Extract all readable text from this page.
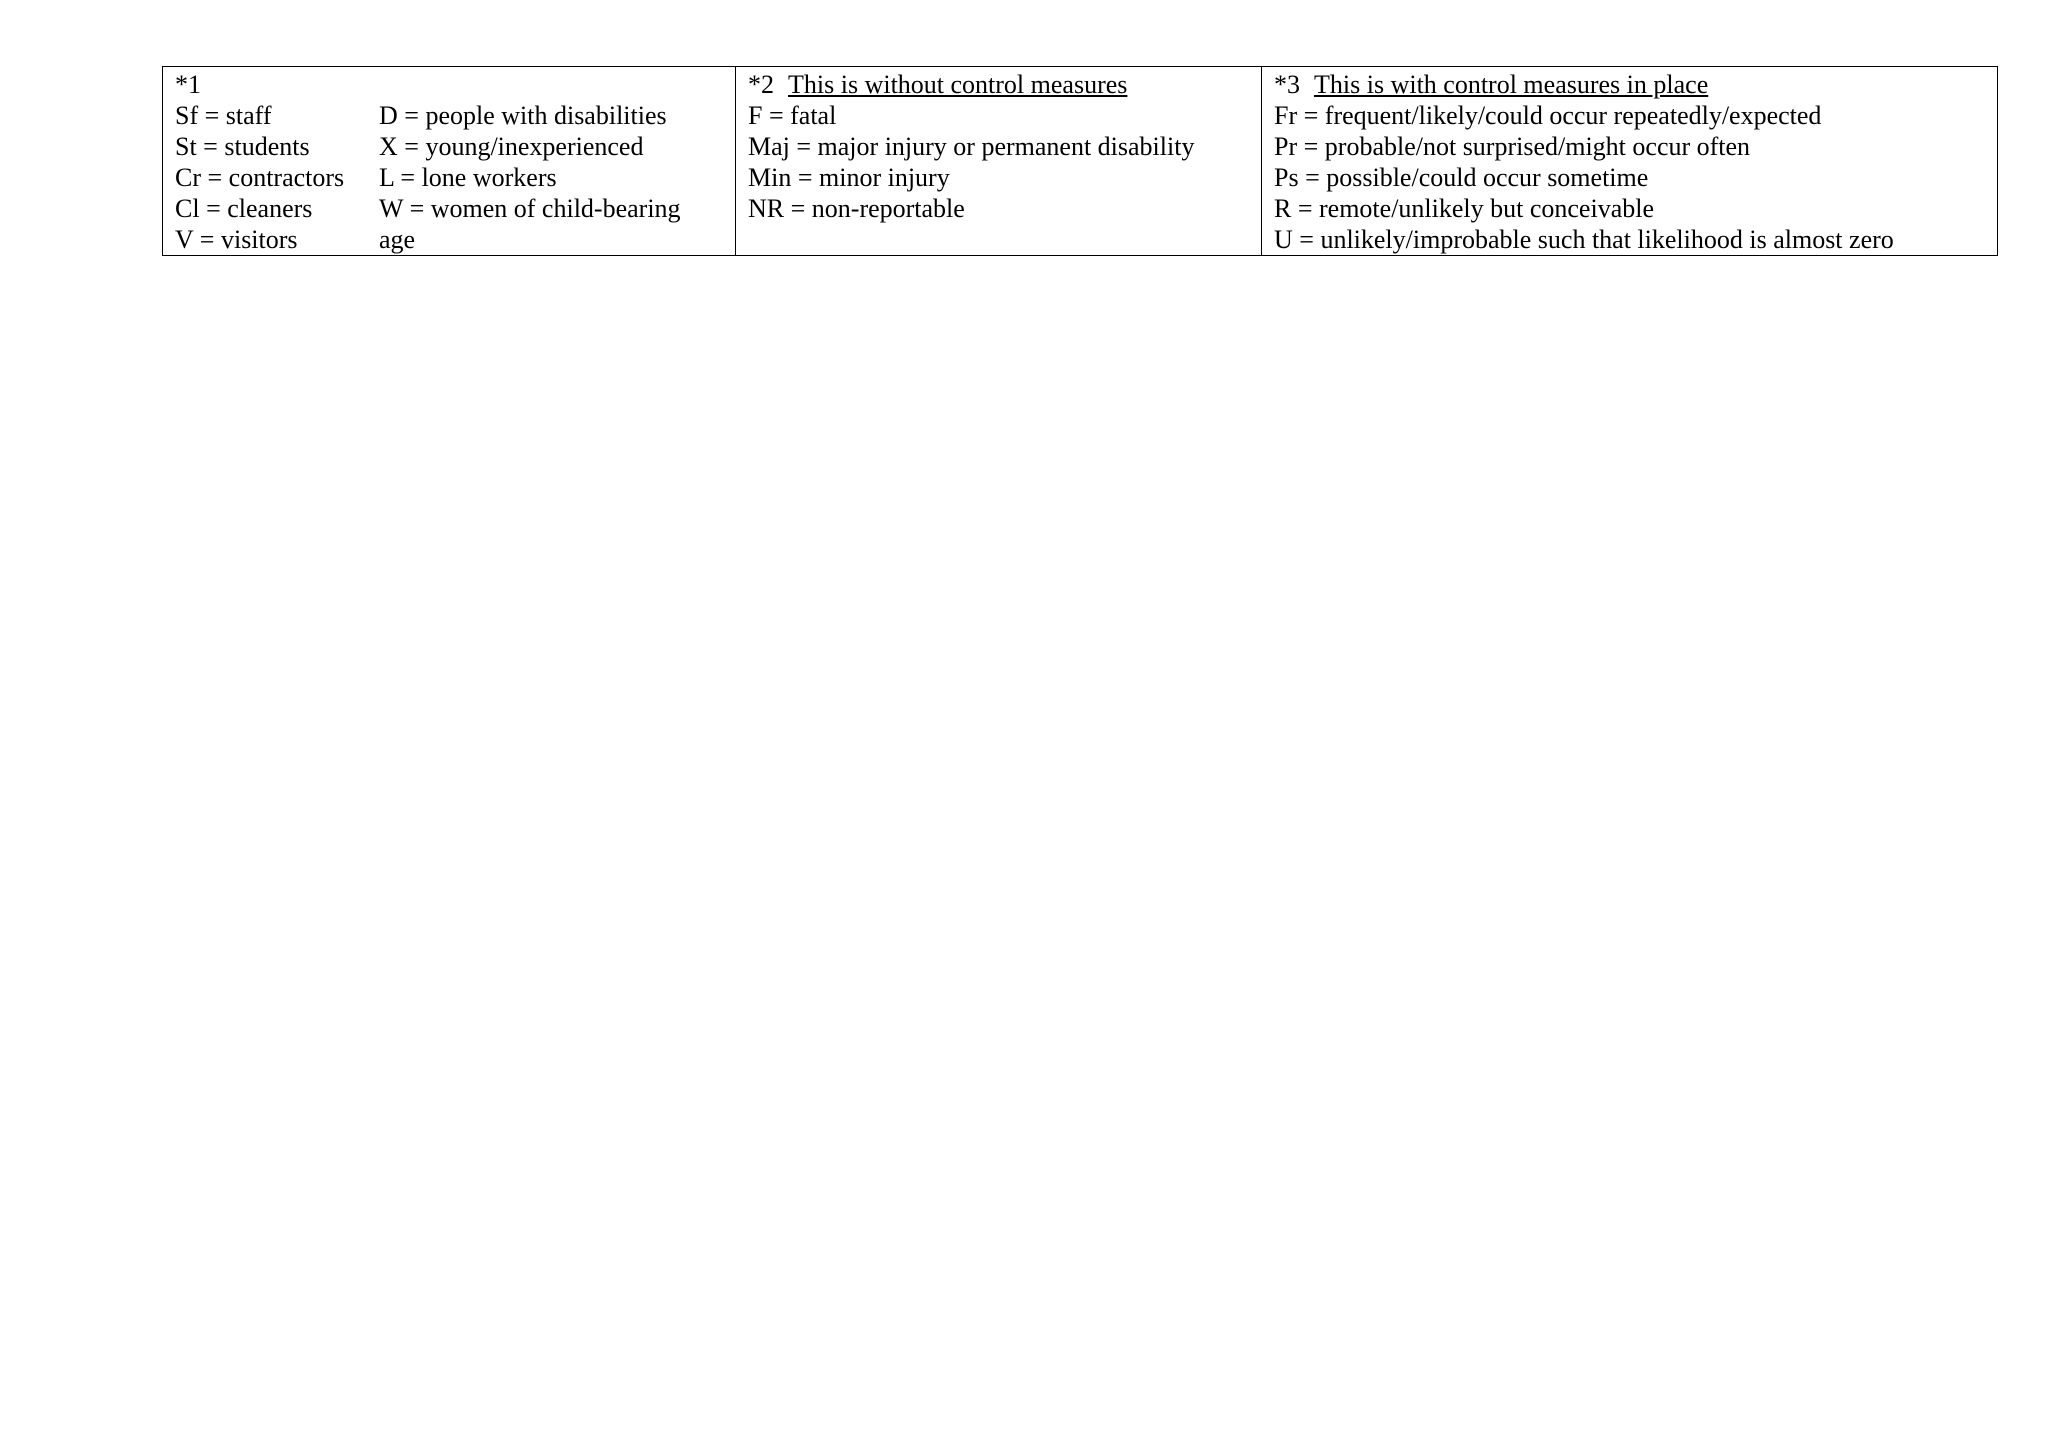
*1
Sf = staff	D = people with disabilities
St = students	X = young/inexperienced
Cr = contractors	L = lone workers
Cl = cleaners	W = women of child-bearing
V = visitors	age

*2 This is without control measures
F = fatal
Maj = major injury or permanent disability
Min = minor injury
NR = non-reportable

*3 This is with control measures in place
Fr = frequent/likely/could occur repeatedly/expected
Pr = probable/not surprised/might occur often
Ps = possible/could occur sometime
R = remote/unlikely but conceivable
U = unlikely/improbable such that likelihood is almost zero
